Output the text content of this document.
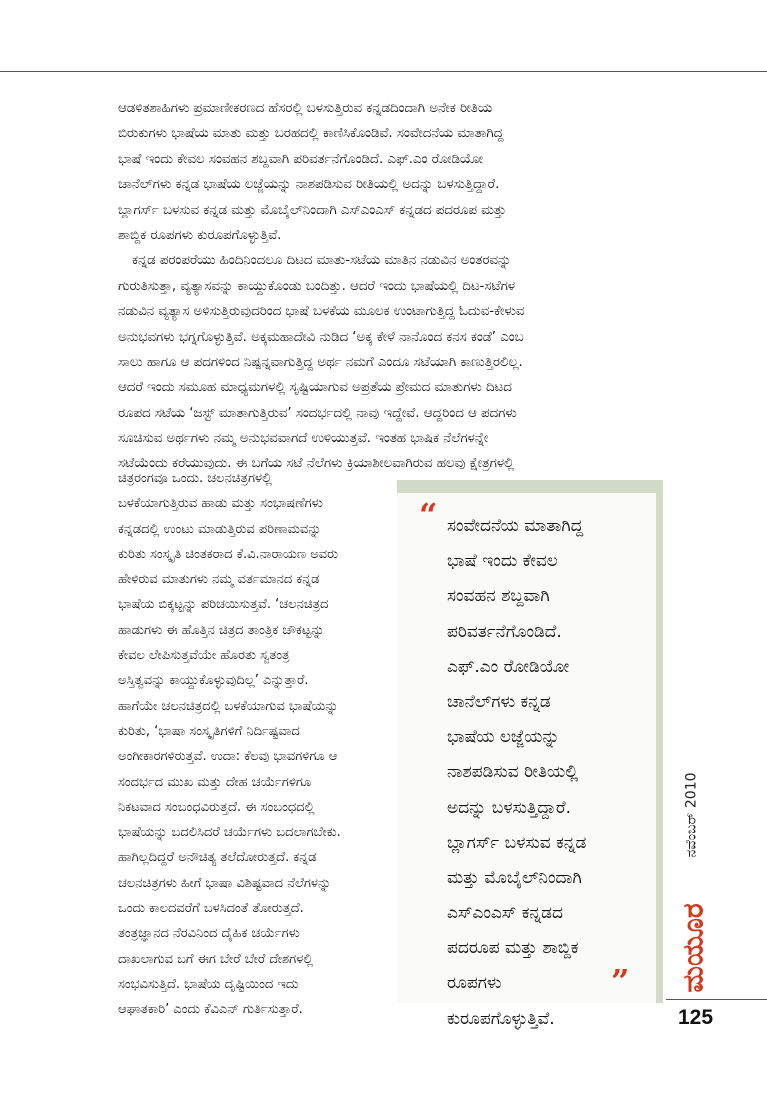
ಆಡಳಿತಶಾಹಿಗಳು ಪ್ರಮಾಣೀಕರಣದ ಹೆಸರಲ್ಲಿ ಬಳಸುತ್ತಿರುವ ಕನ್ನಡದಿಂದಾಗಿ ಅನೇಕ ರೀತಿಯ
ಬಿರುಕುಗಳು ಭಾಷೆಯ ಮಾತು ಮತ್ತು ಬರಹದಲ್ಲಿ ಕಾಣಿಸಿಕೊಂಡಿವೆ. ಸಂವೇದನೆಯ ಮಾತಾಗಿದ್ದ
ಭಾಷೆ ಇಂದು ಕೇವಲ ಸಂವಹನ ಶಬ್ದವಾಗಿ ಪರಿವರ್ತನೆಗೊಂಡಿದೆ. ಎಫ್.ಎಂ ರೋಡಿಯೋ
ಚಾನೆಲ್‌ಗಳು ಕನ್ನಡ ಭಾಷೆಯ ಲಜ್ಜೆಯನ್ನು ನಾಶಪಡಿಸುವ ರೀತಿಯಲ್ಲಿ ಅದನ್ನು ಬಳಸುತ್ತಿದ್ದಾರೆ.
ಬ್ಲಾಗರ್ಸ್ ಬಳಸುವ ಕನ್ನಡ ಮತ್ತು ಮೊಬೈಲ್‌ನಿಂದಾಗಿ ಎಸ್‌ಎಂಎಸ್ ಕನ್ನಡದ ಪದರೂಪ ಮತ್ತು
ಶಾಬ್ದಿಕ ರೂಪಗಳು ಕುರೂಪಗೊಳ್ಳುತ್ತಿವೆ.
ಕನ್ನಡ ಪರಂಪರೆಯು ಹಿಂದಿನಿಂದಲೂ ದಿಟದ ಮಾತು-ಸಟೆಯ ಮಾತಿನ ನಡುವಿನ ಅಂತರವನ್ನು
ಗುರುತಿಸುತ್ತಾ, ವ್ಯತ್ಯಾಸವನ್ನು ಕಾಯ್ದುಕೊಂಡು ಬಂದಿತ್ತು. ಆದರೆ ಇಂದು ಭಾಷೆಯಲ್ಲಿ ದಿಟ-ಸಟೆಗಳ
ನಡುವಿನ ವ್ಯತ್ಯಾಸ ಅಳಿಸುತ್ತಿರುವುದರಿಂದ ಭಾಷೆ ಬಳಕೆಯ ಮೂಲಕ ಉಂಟಾಗುತ್ತಿದ್ದ ಓದುವ-ಕೇಳುವ
ಅನುಭವಗಳು ಭಗ್ನಗೊಳ್ಳುತ್ತಿವೆ. ಅಕ್ಕಮಹಾದೇವಿ ನುಡಿದ ‘ಅಕ್ಕ ಕೇಳೆ ನಾನೊಂದ ಕನಸ ಕಂಡೆ’ ಎಂಬ
ಸಾಲು ಹಾಗೂ ಆ ಪದಗಳಿಂದ ನಿಷ್ಪನ್ನವಾಗುತ್ತಿದ್ದ ಅರ್ಥ ನಮಗೆ ಎಂದೂ ಸಟೆಯಾಗಿ ಕಾಣುತ್ತಿರಲಿಲ್ಲ.
ಆದರೆ ಇಂದು ಸಮೂಹ ಮಾಧ್ಯಮಗಳಲ್ಲಿ ಸೃಷ್ಟಿಯಾಗುವ ಅಪ್ರತೆಯ ಪ್ರೇಮದ ಮಾತುಗಳು ದಿಟದ
ರೂಪದ ಸಟೆಯ ‘ಜಸ್ಟ್ ಮಾತಾಗುತ್ತಿರುವ’ ಸಂದರ್ಭದಲ್ಲಿ ನಾವು ಇದ್ದೇವೆ. ಆದ್ದರಿಂದ ಆ ಪದಗಳು
ಸೂಚಿಸುವ ಅರ್ಥಗಳು ನಮ್ಮ ಅನುಭವವಾಗದೆ ಉಳಿಯುತ್ತವೆ. ಇಂತಹ ಭಾಷಿಕ ನೆಲೆಗಳನ್ನೇ
ಸಟೆಯೆಂದು ಕರೆಯುವುದು. ಈ ಬಗೆಯ ಸಟೆ ನೆಲೆಗಳು ಕ್ರಿಯಾಶೀಲವಾಗಿರುವ ಹಲವು ಕ್ಷೇತ್ರಗಳಲ್ಲಿ
ಚಿತ್ರರಂಗವೂ ಒಂದು. ಚಲನಚಿತ್ರಗಳಲ್ಲಿ
ಬಳಕೆಯಾಗುತ್ತಿರುವ ಹಾಡು ಮತ್ತು ಸಂಭಾಷಣೆಗಳು
ಕನ್ನಡದಲ್ಲಿ ಉಂಟು ಮಾಡುತ್ತಿರುವ ಪರಿಣಾಮವನ್ನು
ಕುರಿತು ಸಂಸ್ಕೃತಿ ಚಿಂತಕರಾದ ಕೆ.ವಿ.ನಾರಾಯಣ ಅವರು
ಹೇಳಿರುವ ಮಾತುಗಳು ನಮ್ಮ ವರ್ತಮಾನದ ಕನ್ನಡ
ಭಾಷೆಯ ಬಿಕ್ಕಟ್ಟನ್ನು ಪರಿಚಯಿಸುತ್ತವೆ. ‘ಚಲನಚಿತ್ರದ
ಹಾಡುಗಳು ಈ ಹೊತ್ತಿನ ಚಿತ್ರದ ತಾಂತ್ರಿಕ ಚೌಕಟ್ಟನ್ನು
ಕೇವಲ ಲೇಪಿಸುತ್ತವೆಯೇ ಹೊರತು ಸ್ವತಂತ್ರ
ಅಸ್ತಿತ್ವವನ್ನು ಕಾಯ್ದುಕೊಳ್ಳುವುದಿಲ್ಲ’ ಎನ್ನುತ್ತಾರೆ.
ಹಾಗೆಯೇ ಚಲನಚಿತ್ರದಲ್ಲಿ ಬಳಕೆಯಾಗುವ ಭಾಷೆಯನ್ನು
ಕುರಿತು, ‘ಭಾಷಾ ಸಂಸ್ಕೃತಿಗಳಿಗೆ ನಿರ್ದಿಷ್ಟವಾದ
ಅಂಗೀಕಾರಗಳಿರುತ್ತವೆ. ಉದಾ: ಕೆಲವು ಭಾವಗಳಿಗೂ ಆ
ಸಂದರ್ಭದ ಮುಖ ಮತ್ತು ದೇಹ ಚರ್ಯೆಗಳಿಗೂ
ನಿಕಟವಾದ ಸಂಬಂಧವಿರುತ್ತದೆ. ಈ ಸಂಬಂಧದಲ್ಲಿ
ಭಾಷೆಯನ್ನು ಬದಲಿಸಿದರೆ ಚರ್ಯೆಗಳು ಬದಲಾಗಬೇಕು.
ಹಾಗಿಲ್ಲದಿದ್ದರೆ ಅನೌಚಿತ್ಯ ತಲೆದೋರುತ್ತದೆ. ಕನ್ನಡ
ಚಲನಚಿತ್ರಗಳು ಹೀಗೆ ಭಾಷಾ ವಿಶಿಷ್ಟವಾದ ನೆಲೆಗಳನ್ನು
ಒಂದು ಕಾಲದವರೆಗೆ ಬಳಸಿದಂತೆ ತೋರುತ್ತದೆ.
ತಂತ್ರಜ್ಞಾನದ ನೆರವಿನಿಂದ ದೈಹಿಕ ಚರ್ಯೆಗಳು
ದಾಖಲಾಗುವ ಬಗೆ ಈಗ ಬೇರೆ ಬೇರೆ ದೇಶಗಳಲ್ಲಿ
ಸಂಭವಿಸುತ್ತಿದೆ. ಭಾಷೆಯ ದೃಷ್ಟಿಯಿಂದ ಇದು
ಆಘಾತಕಾರಿ’ ಎಂದು ಕೆವಿಎನ್ ಗುರ್ತಿಸುತ್ತಾರೆ.
“ ಸಂವೇದನೆಯ ಮಾತಾಗಿದ್ದ
ಭಾಷೆ ಇಂದು ಕೇವಲ
ಸಂವಹನ ಶಬ್ದವಾಗಿ
ಪರಿವರ್ತನೆಗೊಂಡಿದೆ.
ಎಫ್.ಎಂ ರೋಡಿಯೋ
ಚಾನೆಲ್‌ಗಳು ಕನ್ನಡ
ಭಾಷೆಯ ಲಜ್ಜೆಯನ್ನು
ನಾಶಪಡಿಸುವ ರೀತಿಯಲ್ಲಿ
ಅದನ್ನು ಬಳಸುತ್ತಿದ್ದಾರೆ.
ಬ್ಲಾಗರ್ಸ್ ಬಳಸುವ ಕನ್ನಡ
ಮತ್ತು ಮೊಬೈಲ್‌ನಿಂದಾಗಿ
ಎಸ್‌ಎಂಎಸ್ ಕನ್ನಡದ
ಪದರೂಪ ಮತ್ತು ಶಾಬ್ದಿಕ
ರೂಪಗಳು
ಕುರೂಪಗೊಳ್ಳುತ್ತಿವೆ.
”
ನವೆಂಬರ್ 2010
ಮಯೂರ
125
